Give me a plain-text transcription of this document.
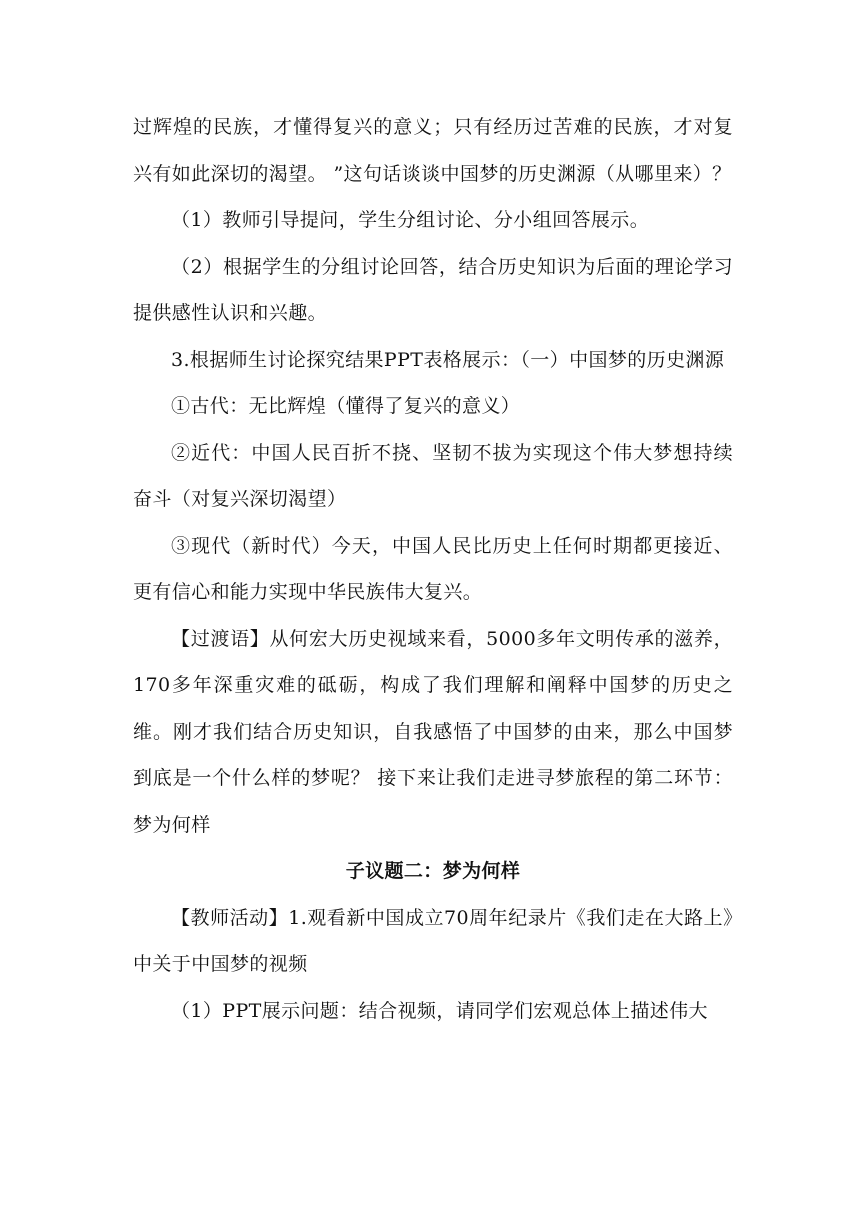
过辉煌的民族，才懂得复兴的意义；只有经历过苦难的民族，才对复兴有如此深切的渴望。 ”这句话谈谈中国梦的历史渊源（从哪里来）？

（1）教师引导提问，学生分组讨论、分小组回答展示。

（2）根据学生的分组讨论回答，结合历史知识为后面的理论学习提供感性认识和兴趣。

3.根据师生讨论探究结果PPT表格展示：（一）中国梦的历史渊源

①古代：无比辉煌（懂得了复兴的意义）

②近代：中国人民百折不挠、坚韧不拔为实现这个伟大梦想持续奋斗（对复兴深切渴望）

③现代（新时代）今天，中国人民比历史上任何时期都更接近、更有信心和能力实现中华民族伟大复兴。

【过渡语】从何宏大历史视域来看，5000多年文明传承的滋养，170多年深重灾难的砥砺，构成了我们理解和阐释中国梦的历史之维。刚才我们结合历史知识，自我感悟了中国梦的由来，那么中国梦到底是一个什么样的梦呢？ 接下来让我们走进寻梦旅程的第二环节：梦为何样

子议题二：梦为何样

【教师活动】1.观看新中国成立70周年纪录片《我们走在大路上》中关于中国梦的视频

（1）PPT展示问题：结合视频，请同学们宏观总体上描述伟大
